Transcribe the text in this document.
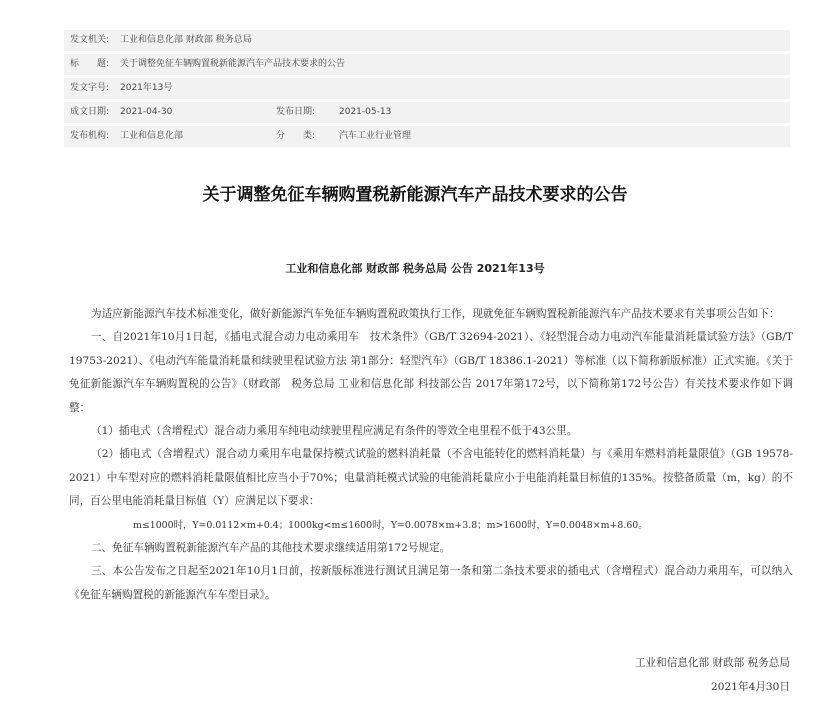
发文机关: 工业和信息化部 财政部 税务总局
标　　题: 关于调整免征车辆购置税新能源汽车产品技术要求的公告
发文字号: 2021年13号
成文日期: 2021-04-30	发布日期:	2021-05-13
发布机构: 工业和信息化部	分　　类:	汽车工业行业管理
关于调整免征车辆购置税新能源汽车产品技术要求的公告
工业和信息化部 财政部 税务总局 公告 2021年13号

为适应新能源汽车技术标准变化，做好新能源汽车免征车辆购置税政策执行工作，现就免征车辆购置税新能源汽车产品技术要求有关事项公告如下：

一、自2021年10月1日起，《插电式混合动力电动乘用车　技术条件》（GB/T 32694-2021）、《轻型混合动力电动汽车能量消耗量试验方法》（GB/T 19753-2021）、《电动汽车能量消耗量和续驶里程试验方法 第1部分：轻型汽车》（GB/T 18386.1-2021）等标准（以下简称新版标准）正式实施。《关于免征新能源汽车车辆购置税的公告》（财政部　税务总局 工业和信息化部 科技部公告 2017年第172号，以下简称第172号公告）有关技术要求作如下调整：

（1）插电式（含增程式）混合动力乘用车纯电动续驶里程应满足有条件的等效全电里程不低于43公里。

（2）插电式（含增程式）混合动力乘用车电量保持模式试验的燃料消耗量（不含电能转化的燃料消耗量）与《乘用车燃料消耗量限值》（GB 19578-2021）中车型对应的燃料消耗量限值相比应当小于70%；电量消耗模式试验的电能消耗量应小于电能消耗量目标值的135%。按整备质量（m，kg）的不同，百公里电能消耗量目标值（Y）应满足以下要求：

m≤1000时，Y=0.0112×m+0.4；1000kg<m≤1600时，Y=0.0078×m+3.8；m>1600时，Y=0.0048×m+8.60。

二、免征车辆购置税新能源汽车产品的其他技术要求继续适用第172号规定。

三、本公告发布之日起至2021年10月1日前，按新版标准进行测试且满足第一条和第二条技术要求的插电式（含增程式）混合动力乘用车，可以纳入《免征车辆购置税的新能源汽车车型目录》。

工业和信息化部 财政部 税务总局
2021年4月30日
